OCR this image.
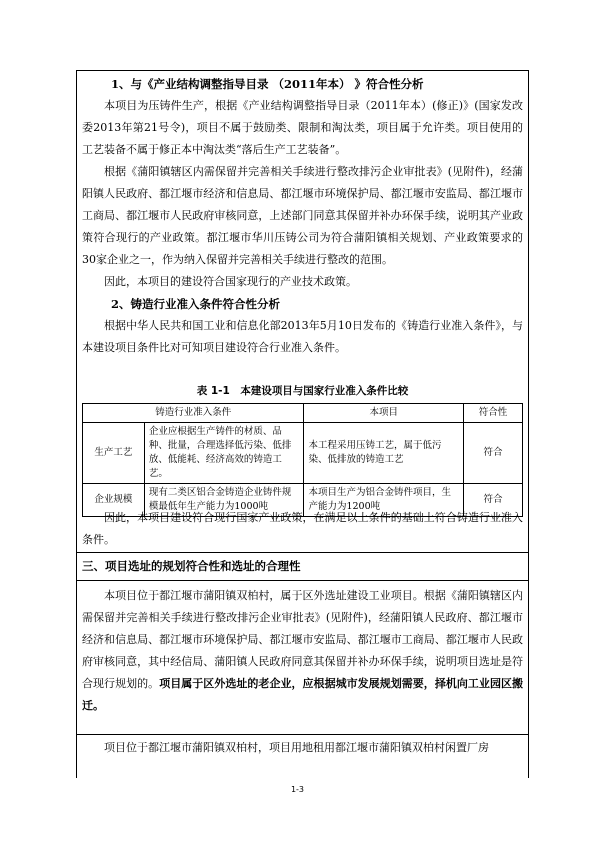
1、与《产业结构调整指导目录 （2011年本） 》符合性分析
本项目为压铸件生产，根据《产业结构调整指导目录（2011年本）(修正)》(国家发改委2013年第21号令)，项目不属于鼓励类、限制和淘汰类，项目属于允许类。项目使用的工艺装备不属于修正本中淘汰类“落后生产工艺装备”。
根据《蒲阳镇辖区内需保留并完善相关手续进行整改排污企业审批表》(见附件)，经蒲阳镇人民政府、都江堰市经济和信息局、都江堰市环境保护局、都江堰市安监局、都江堰市工商局、都江堰市人民政府审核同意，上述部门同意其保留并补办环保手续，说明其产业政策符合现行的产业政策。都江堰市华川压铸公司为符合蒲阳镇相关规划、产业政策要求的30家企业之一，作为纳入保留并完善相关手续进行整改的范围。
因此，本项目的建设符合国家现行的产业技术政策。
2、铸造行业准入条件符合性分析
根据中华人民共和国工业和信息化部2013年5月10日发布的《铸造行业准入条件》，与本建设项目条件比对可知项目建设符合行业准入条件。
表 1-1　本建设项目与国家行业准入条件比较
铸造行业准入条件		本项目	符合性
生产工艺	企业应根据生产铸件的材质、品种、批量，合理选择低污染、低排放、低能耗、经济高效的铸造工艺。	本工程采用压铸工艺，属于低污染、低排放的铸造工艺	符合
企业规模	现有二类区铝合金铸造企业铸件规模最低年生产能力为1000吨	本项目生产为铝合金铸件项目，生产能力为1200吨	符合
因此，本项目建设符合现行国家产业政策，在满足以上条件的基础上符合铸造行业准入条件。
三、项目选址的规划符合性和选址的合理性
本项目位于都江堰市蒲阳镇双柏村，属于区外选址建设工业项目。根据《蒲阳镇辖区内需保留并完善相关手续进行整改排污企业审批表》(见附件)，经蒲阳镇人民政府、都江堰市经济和信息局、都江堰市环境保护局、都江堰市安监局、都江堰市工商局、都江堰市人民政府审核同意，其中经信局、蒲阳镇人民政府同意其保留并补办环保手续，说明项目选址是符合现行规划的。项目属于区外选址的老企业，应根据城市发展规划需要，择机向工业园区搬迁。
项目位于都江堰市蒲阳镇双柏村，项目用地租用都江堰市蒲阳镇双柏村闲置厂房
1-3
